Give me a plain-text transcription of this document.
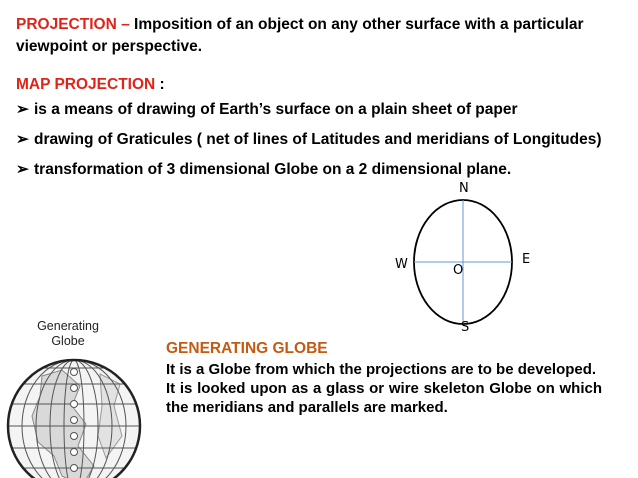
PROJECTION – Imposition of an object on any other surface with a particular viewpoint or perspective.
MAP PROJECTION :
➢ is a means of drawing of Earth’s surface on a plain sheet of paper
➢ drawing of Graticules ( net of lines of Latitudes and meridians of Longitudes)
➢ transformation of 3 dimensional Globe on a 2 dimensional plane.
N
S
E
W	O
Generating
Globe	GENERATING GLOBE

It is a Globe from which the projections are to be developed.

It is looked upon as a glass or wire skeleton Globe on which the meridians and parallels are marked.
